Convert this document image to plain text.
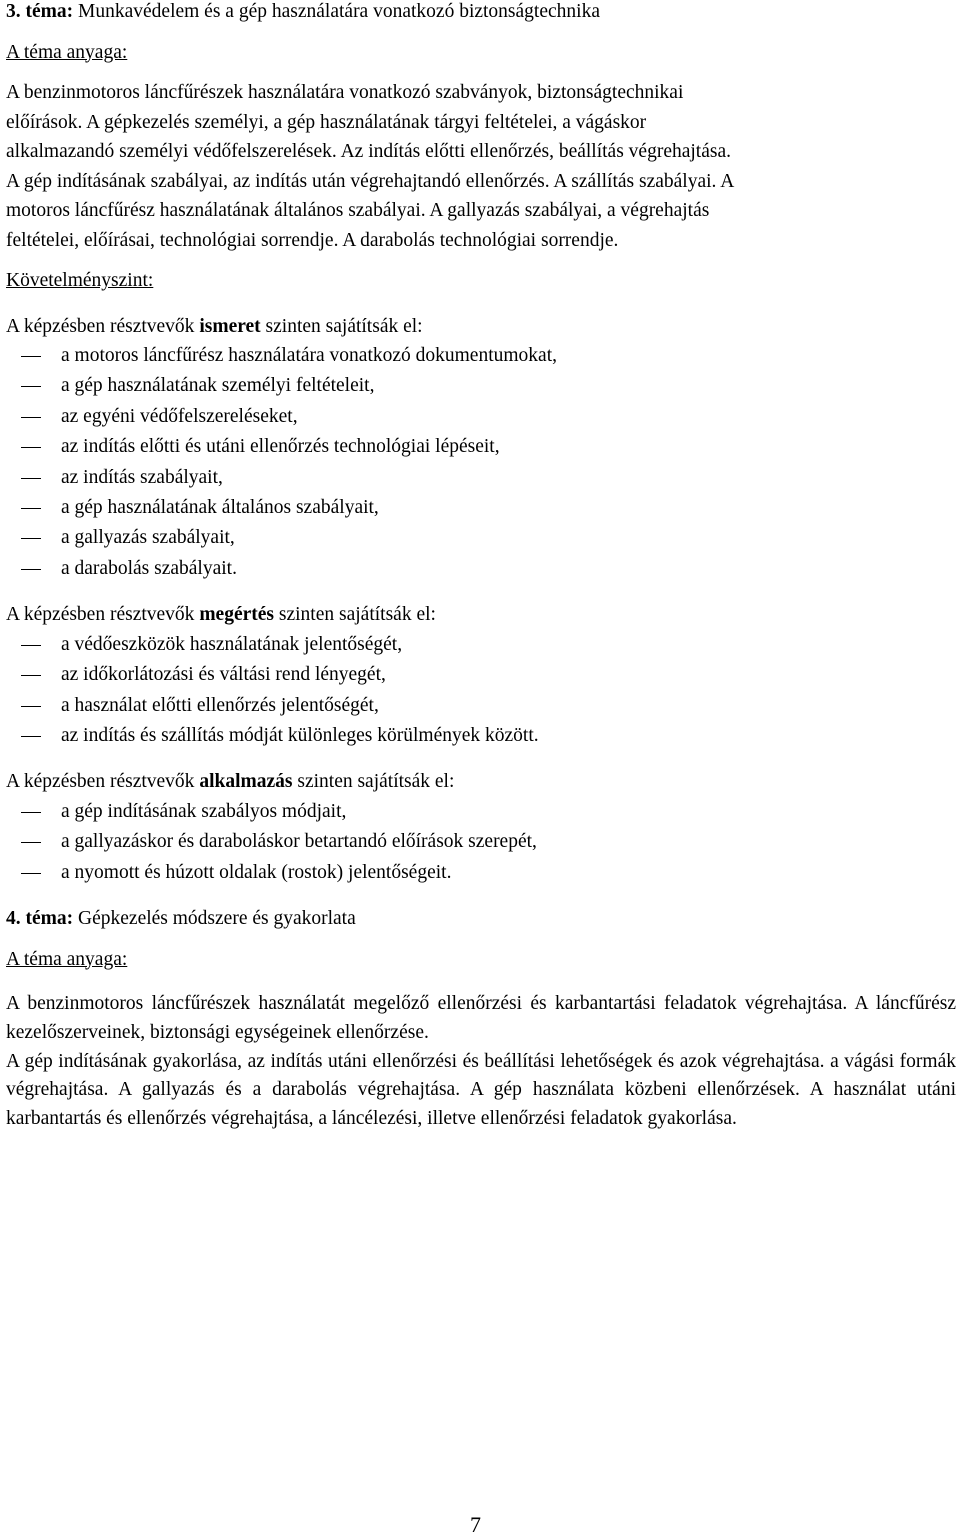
3. téma: Munkavédelem és a gép használatára vonatkozó biztonságtechnika
A téma anyaga:
A benzinmotoros láncfűrészek használatára vonatkozó szabványok, biztonságtechnikai
előírások. A gépkezelés személyi, a gép használatának tárgyi feltételei, a vágáskor
alkalmazandó személyi védőfelszerelések. Az indítás előtti ellenőrzés, beállítás végrehajtása.
A gép indításának szabályai, az indítás után végrehajtandó ellenőrzés. A szállítás szabályai. A
motoros láncfűrész használatának általános szabályai. A gallyazás szabályai, a végrehajtás
feltételei, előírásai, technológiai sorrendje. A darabolás technológiai sorrendje.
Követelményszint:
A képzésben résztvevők ismeret szinten sajátítsák el:
a motoros láncfűrész használatára vonatkozó dokumentumokat,
a gép használatának személyi feltételeit,
az egyéni védőfelszereléseket,
az indítás előtti és utáni ellenőrzés technológiai lépéseit,
az indítás szabályait,
a gép használatának általános szabályait,
a gallyazás szabályait,
a darabolás szabályait.
A képzésben résztvevők megértés szinten sajátítsák el:
a védőeszközök használatának jelentőségét,
az időkorlátozási és váltási rend lényegét,
a használat előtti ellenőrzés jelentőségét,
az indítás és szállítás módját különleges körülmények között.
A képzésben résztvevők alkalmazás szinten sajátítsák el:
a gép indításának szabályos módjait,
a gallyazáskor és daraboláskor betartandó előírások szerepét,
a nyomott és húzott oldalak (rostok) jelentőségeit.
4. téma: Gépkezelés módszere és gyakorlata
A téma anyaga:
A benzinmotoros láncfűrészek használatát megelőző ellenőrzési és karbantartási feladatok végrehajtása. A láncfűrész kezelőszerveinek, biztonsági egységeinek ellenőrzése.
A gép indításának gyakorlása, az indítás utáni ellenőrzési és beállítási lehetőségek és azok végrehajtása. a vágási formák végrehajtása. A gallyazás és a darabolás végrehajtása. A gép használata közbeni ellenőrzések. A használat utáni karbantartás és ellenőrzés végrehajtása, a láncélezési, illetve ellenőrzési feladatok gyakorlása.
7
